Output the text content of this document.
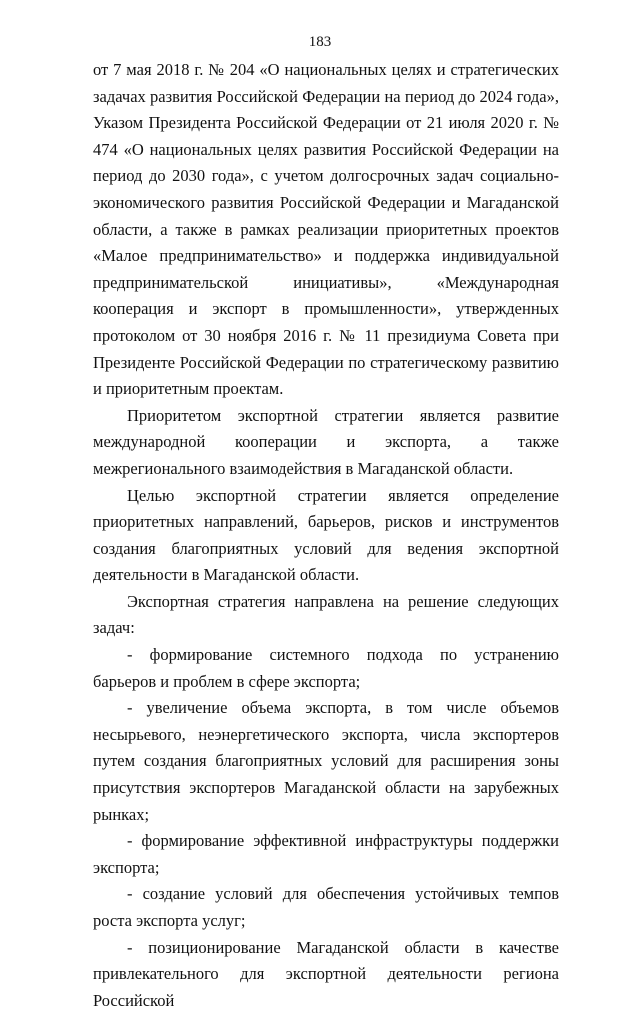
183

от 7 мая 2018 г. № 204 «О национальных целях и стратегических задачах развития Российской Федерации на период до 2024 года», Указом Президента Российской Федерации от 21 июля 2020 г. № 474 «О национальных целях развития Российской Федерации на период до 2030 года», с учетом долгосрочных задач социально-экономического развития Российской Федерации и Магаданской области, а также в рамках реализации приоритетных проектов «Малое предпринимательство» и поддержка индивидуальной предпринимательской инициативы», «Международная кооперация и экспорт в промышленности», утвержденных протоколом от 30 ноября 2016 г. № 11 президиума Совета при Президенте Российской Федерации по стратегическому развитию и приоритетным проектам.

Приоритетом экспортной стратегии является развитие международной кооперации и экспорта, а также межрегионального взаимодействия в Магаданской области.

Целью экспортной стратегии является определение приоритетных направлений, барьеров, рисков и инструментов создания благоприятных условий для ведения экспортной деятельности в Магаданской области.

Экспортная стратегия направлена на решение следующих задач:

- формирование системного подхода по устранению барьеров и проблем в сфере экспорта;

- увеличение объема экспорта, в том числе объемов несырьевого, неэнергетического экспорта, числа экспортеров путем создания благоприятных условий для расширения зоны присутствия экспортеров Магаданской области на зарубежных рынках;

- формирование эффективной инфраструктуры поддержки экспорта;

- создание условий для обеспечения устойчивых темпов роста экспорта услуг;

- позиционирование Магаданской области в качестве привлекательного для экспортной деятельности региона Российской
